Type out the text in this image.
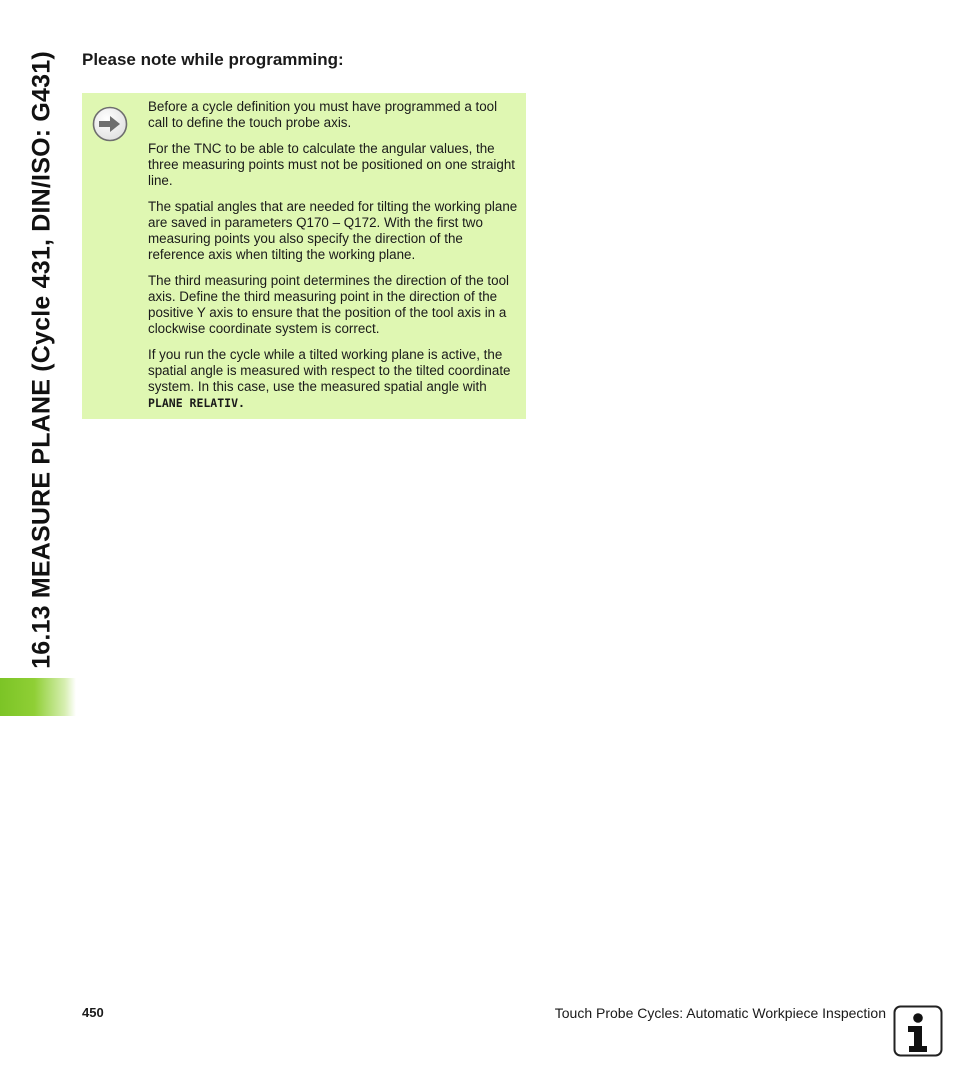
16.13 MEASURE PLANE (Cycle 431, DIN/ISO: G431) Please note while programming:

Before a cycle definition you must have programmed a tool call to define the touch probe axis.

For the TNC to be able to calculate the angular values, the three measuring points must not be positioned on one straight line.

The spatial angles that are needed for tilting the working plane are saved in parameters Q170 – Q172. With the first two measuring points you also specify the direction of the reference axis when tilting the working plane.

The third measuring point determines the direction of the tool axis. Define the third measuring point in the direction of the positive Y axis to ensure that the position of the tool axis in a clockwise coordinate system is correct.

If you run the cycle while a tilted working plane is active, the spatial angle is measured with respect to the tilted coordinate system. In this case, use the measured spatial angle with PLANE RELATIV.

450	Touch Probe Cycles: Automatic Workpiece Inspection
